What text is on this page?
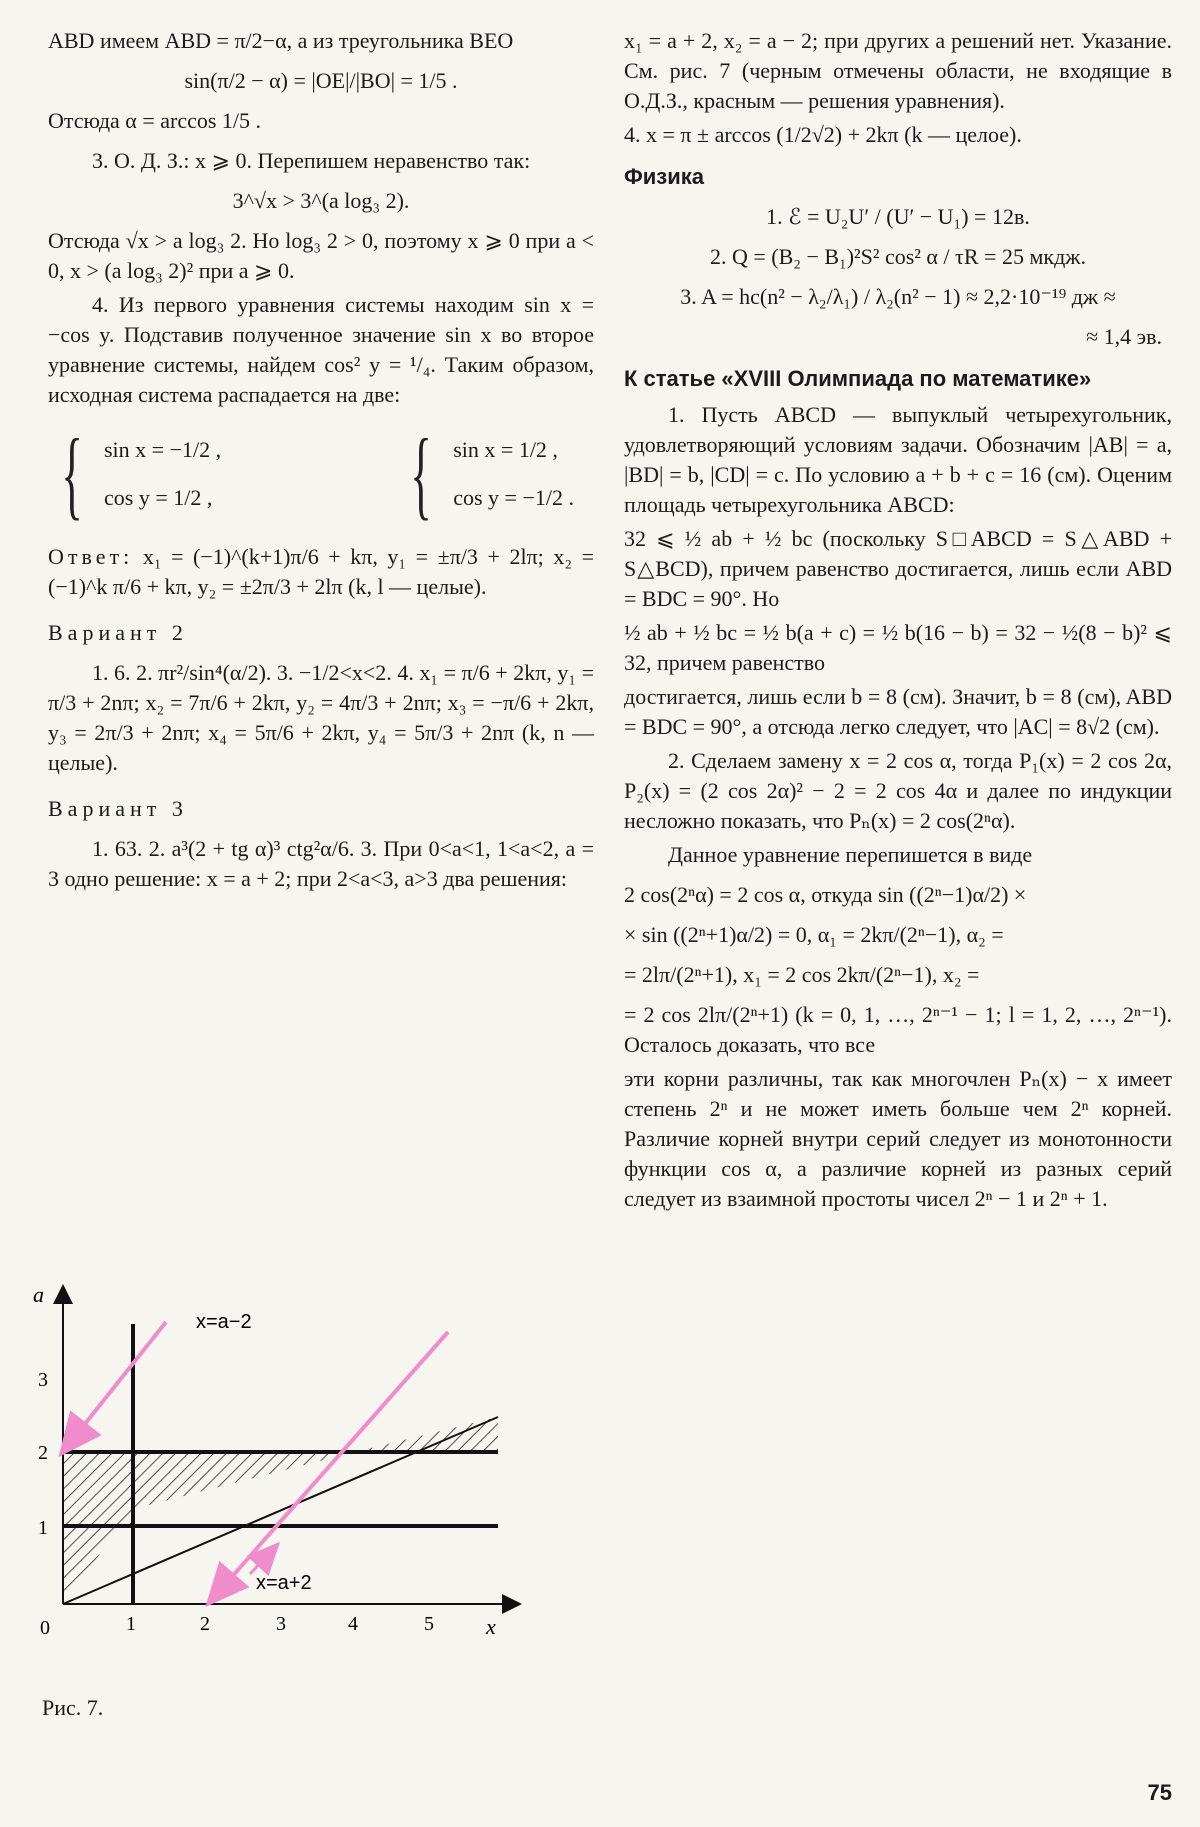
ABD имеем ABD = π/2−α, а из треугольника BEO

sin(π/2 − α) = |OE|/|BO| = 1/5 .
Отсюда α = arccos 1/5 .

3. О. Д. З.: x ⩾ 0. Перепишем неравенство так:

3^√x > 3^(a log₃ 2).

Отсюда √x > a log₃ 2. Но log₃ 2 > 0, поэтому x ⩾ 0 при a < 0, x > (a log₃ 2)² при a ⩾ 0.

4. Из первого уравнения системы находим sin x = −cos y. Подставив полученное значение sin x во второе уравнение системы, найдем cos² y = ¹/₄. Таким образом, исходная система распадается на две:

{ sin x = −1/2 ,
cos y = 1/2 , { sin x = 1/2 ,
cos y = −1/2 .

Ответ: x₁ = (−1)^(k+1)π/6 + kπ, y₁ = ±π/3 + 2lπ; x₂ = (−1)^k π/6 + kπ, y₂ = ±2π/3 + 2lπ (k, l — целые).

Вариант 2

1. 6. 2. πr²/sin⁴(α/2). 3. −1/2<x<2. 4. x₁ = π/6 + 2kπ, y₁ = π/3 + 2nπ; x₂ = 7π/6 + 2kπ, y₂ = 4π/3 + 2nπ; x₃ = −π/6 + 2kπ, y₃ = 2π/3 + 2nπ; x₄ = 5π/6 + 2kπ, y₄ = 5π/3 + 2nπ (k, n — целые).

Вариант 3

1. 63. 2. a³(2 + tg α)³ ctg²α/6. 3. При 0<a<1, 1<a<2, a = 3 одно решение: x = a + 2; при 2<a<3, a>3 два решения:

a
x
0
3
2
1
1	2	3	4	5
x=a−2
x=a+2
Рис. 7.

x₁ = a + 2, x₂ = a − 2; при других a решений нет. Указание. См. рис. 7 (черным отмечены области, не входящие в О.Д.З., красным — решения уравнения).

4. x = π ± arccos (1/2√2) + 2kπ (k — целое).

Физика
1. ℰ = U₂U′ / (U′ − U₁) = 12в.
2. Q = (B₂ − B₁)²S² cos² α / τR = 25 мкдж.
3. A = hc(n² − λ₂/λ₁) / λ₂(n² − 1) ≈ 2,2·10⁻¹⁹ дж ≈
≈ 1,4 эв.
К статье «XVIII Олимпиада по математике»

1. Пусть ABCD — выпуклый четырехугольник, удовлетворяющий условиям задачи. Обозначим |AB| = a, |BD| = b, |CD| = c. По условию a + b + c = 16 (см). Оценим площадь четырехугольника ABCD:

32 ⩽ ½ ab + ½ bc (поскольку S□ABCD = S△ABD + S△BCD), причем равенство достигается, лишь если ABD = BDC = 90°. Но

½ ab + ½ bc = ½ b(a + c) = ½ b(16 − b) = 32 − ½(8 − b)² ⩽ 32, причем равенство

достигается, лишь если b = 8 (см). Значит, b = 8 (см), ABD = BDC = 90°, а отсюда легко следует, что |AC| = 8√2 (см).

2. Сделаем замену x = 2 cos α, тогда P₁(x) = 2 cos 2α, P₂(x) = (2 cos 2α)² − 2 = 2 cos 4α и далее по индукции несложно показать, что Pₙ(x) = 2 cos(2ⁿα).

Данное уравнение перепишется в виде

2 cos(2ⁿα) = 2 cos α, откуда sin ((2ⁿ−1)α/2) ×
× sin ((2ⁿ+1)α/2) = 0, α₁ = 2kπ/(2ⁿ−1), α₂ =
= 2lπ/(2ⁿ+1), x₁ = 2 cos 2kπ/(2ⁿ−1), x₂ =

= 2 cos 2lπ/(2ⁿ+1) (k = 0, 1, …, 2ⁿ⁻¹ − 1; l = 1, 2, …, 2ⁿ⁻¹). Осталось доказать, что все

эти корни различны, так как многочлен Pₙ(x) − x имеет степень 2ⁿ и не может иметь больше чем 2ⁿ корней. Различие корней внутри серий следует из монотонности функции cos α, а различие корней из разных серий следует из взаимной простоты чисел 2ⁿ − 1 и 2ⁿ + 1.

75
